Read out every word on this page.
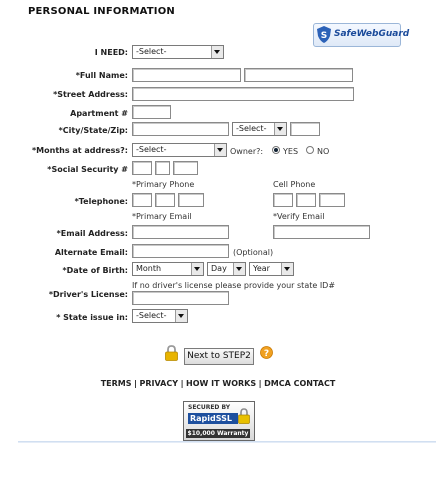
PERSONAL INFORMATION
S SafeWebGuard
I NEED:	-Select-
*Full Name:
*Street Address:
Apartment #
*City/State/Zip:	-Select-
*Months at address?:	-Select-	Owner?: YES NO
*Social Security #
*Primary Phone	Cell Phone
*Telephone:
*Primary Email	*Verify Email
*Email Address:
Alternate Email:	(Optional)
*Date of Birth:	Month	Day	Year
If no driver's license please provide your state ID#
*Driver's License:
* State issue in:	-Select-
Next to STEP2	?
TERMS | PRIVACY | HOW IT WORKS | DMCA CONTACT
SECURED BY
RapidSSL
$10,000 Warranty
